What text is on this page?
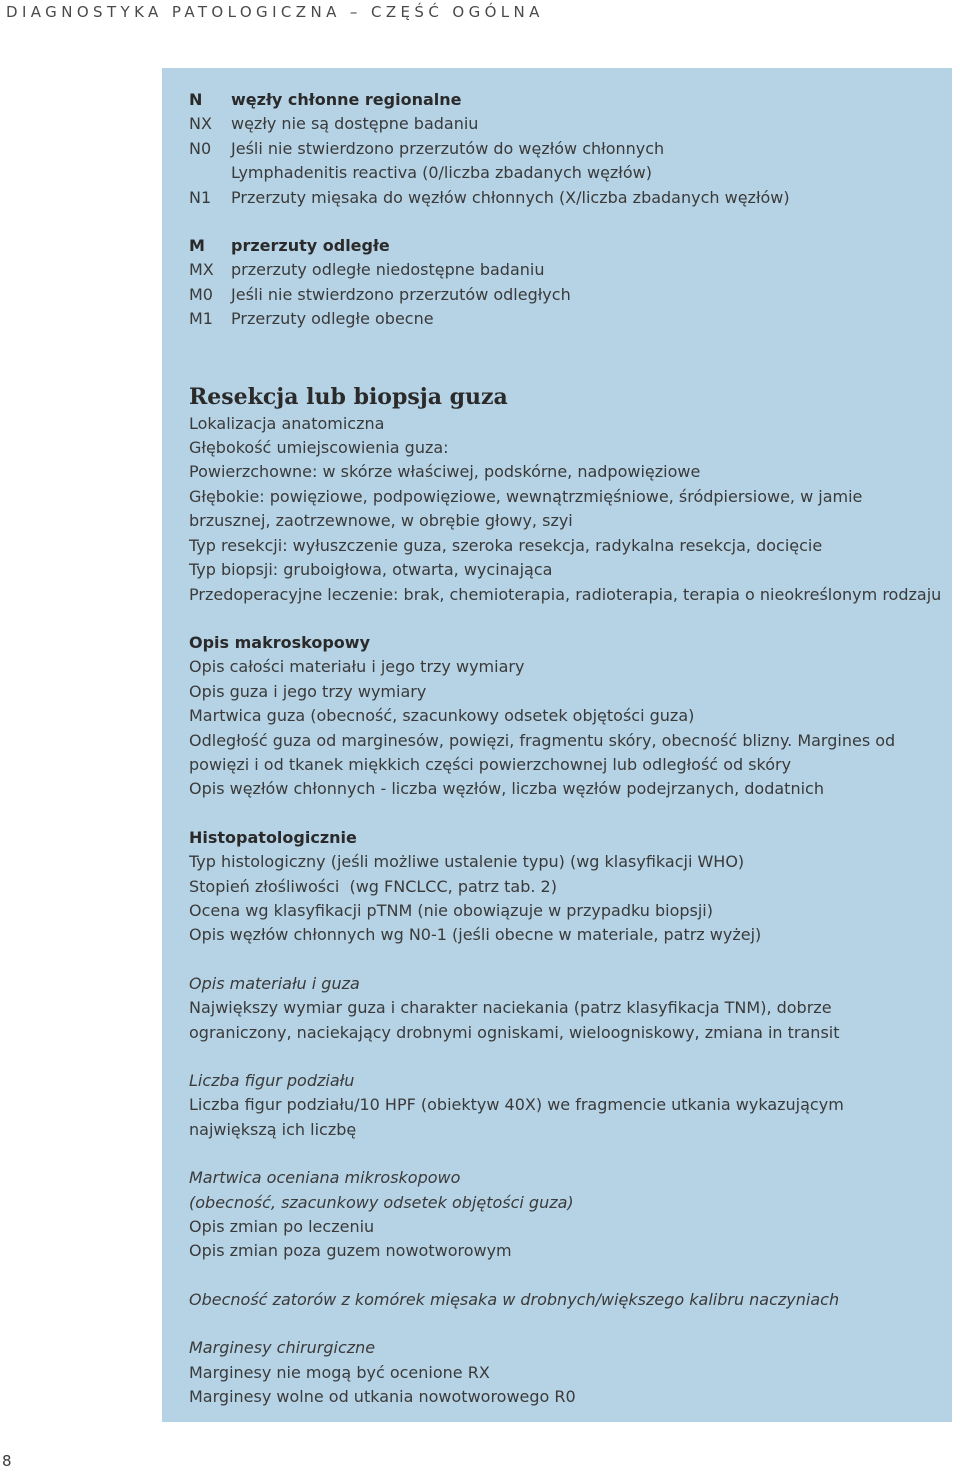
DIAGNOSTYKA PATOLOGICZNA – CZĘŚĆ OGÓLNA
N	węzły chłonne regionalne
NX	węzły nie są dostępne badaniu
N0	Jeśli nie stwierdzono przerzutów do węzłów chłonnych
Lymphadenitis reactiva (0/liczba zbadanych węzłów)
N1	Przerzuty mięsaka do węzłów chłonnych (X/liczba zbadanych węzłów)
M	przerzuty odległe
MX	przerzuty odległe niedostępne badaniu
M0	Jeśli nie stwierdzono przerzutów odległych
M1	Przerzuty odległe obecne
Resekcja lub biopsja guza
Lokalizacja anatomiczna
Głębokość umiejscowienia guza:
Powierzchowne: w skórze właściwej, podskórne, nadpowięziowe
Głębokie: powięziowe, podpowięziowe, wewnątrzmięśniowe, śródpiersiowe, w jamie brzusznej, zaotrzewnowe, w obrębie głowy, szyi
Typ resekcji: wyłuszczenie guza, szeroka resekcja, radykalna resekcja, docięcie
Typ biopsji: gruboigłowa, otwarta, wycinająca
Przedoperacyjne leczenie: brak, chemioterapia, radioterapia, terapia o nieokreślonym rodzaju
Opis makroskopowy
Opis całości materiału i jego trzy wymiary
Opis guza i jego trzy wymiary
Martwica guza (obecność, szacunkowy odsetek objętości guza)
Odległość guza od marginesów, powięzi, fragmentu skóry, obecność blizny. Margines od powięzi i od tkanek miękkich części powierzchownej lub odległość od skóry
Opis węzłów chłonnych - liczba węzłów, liczba węzłów podejrzanych, dodatnich
Histopatologicznie
Typ histologiczny (jeśli możliwe ustalenie typu) (wg klasyfikacji WHO)
Stopień złośliwości  (wg FNCLCC, patrz tab. 2)
Ocena wg klasyfikacji pTNM (nie obowiązuje w przypadku biopsji)
Opis węzłów chłonnych wg N0-1 (jeśli obecne w materiale, patrz wyżej)
Opis materiału i guza
Największy wymiar guza i charakter naciekania (patrz klasyfikacja TNM), dobrze ograniczony, naciekający drobnymi ogniskami, wieloogniskowy, zmiana in transit
Liczba figur podziału
Liczba figur podziału/10 HPF (obiektyw 40X) we fragmencie utkania wykazującym największą ich liczbę
Martwica oceniana mikroskopowo
(obecność, szacunkowy odsetek objętości guza)
Opis zmian po leczeniu
Opis zmian poza guzem nowotworowym
Obecność zatorów z komórek mięsaka w drobnych/większego kalibru naczyniach
Marginesy chirurgiczne
Marginesy nie mogą być ocenione RX
Marginesy wolne od utkania nowotworowego R0
8
